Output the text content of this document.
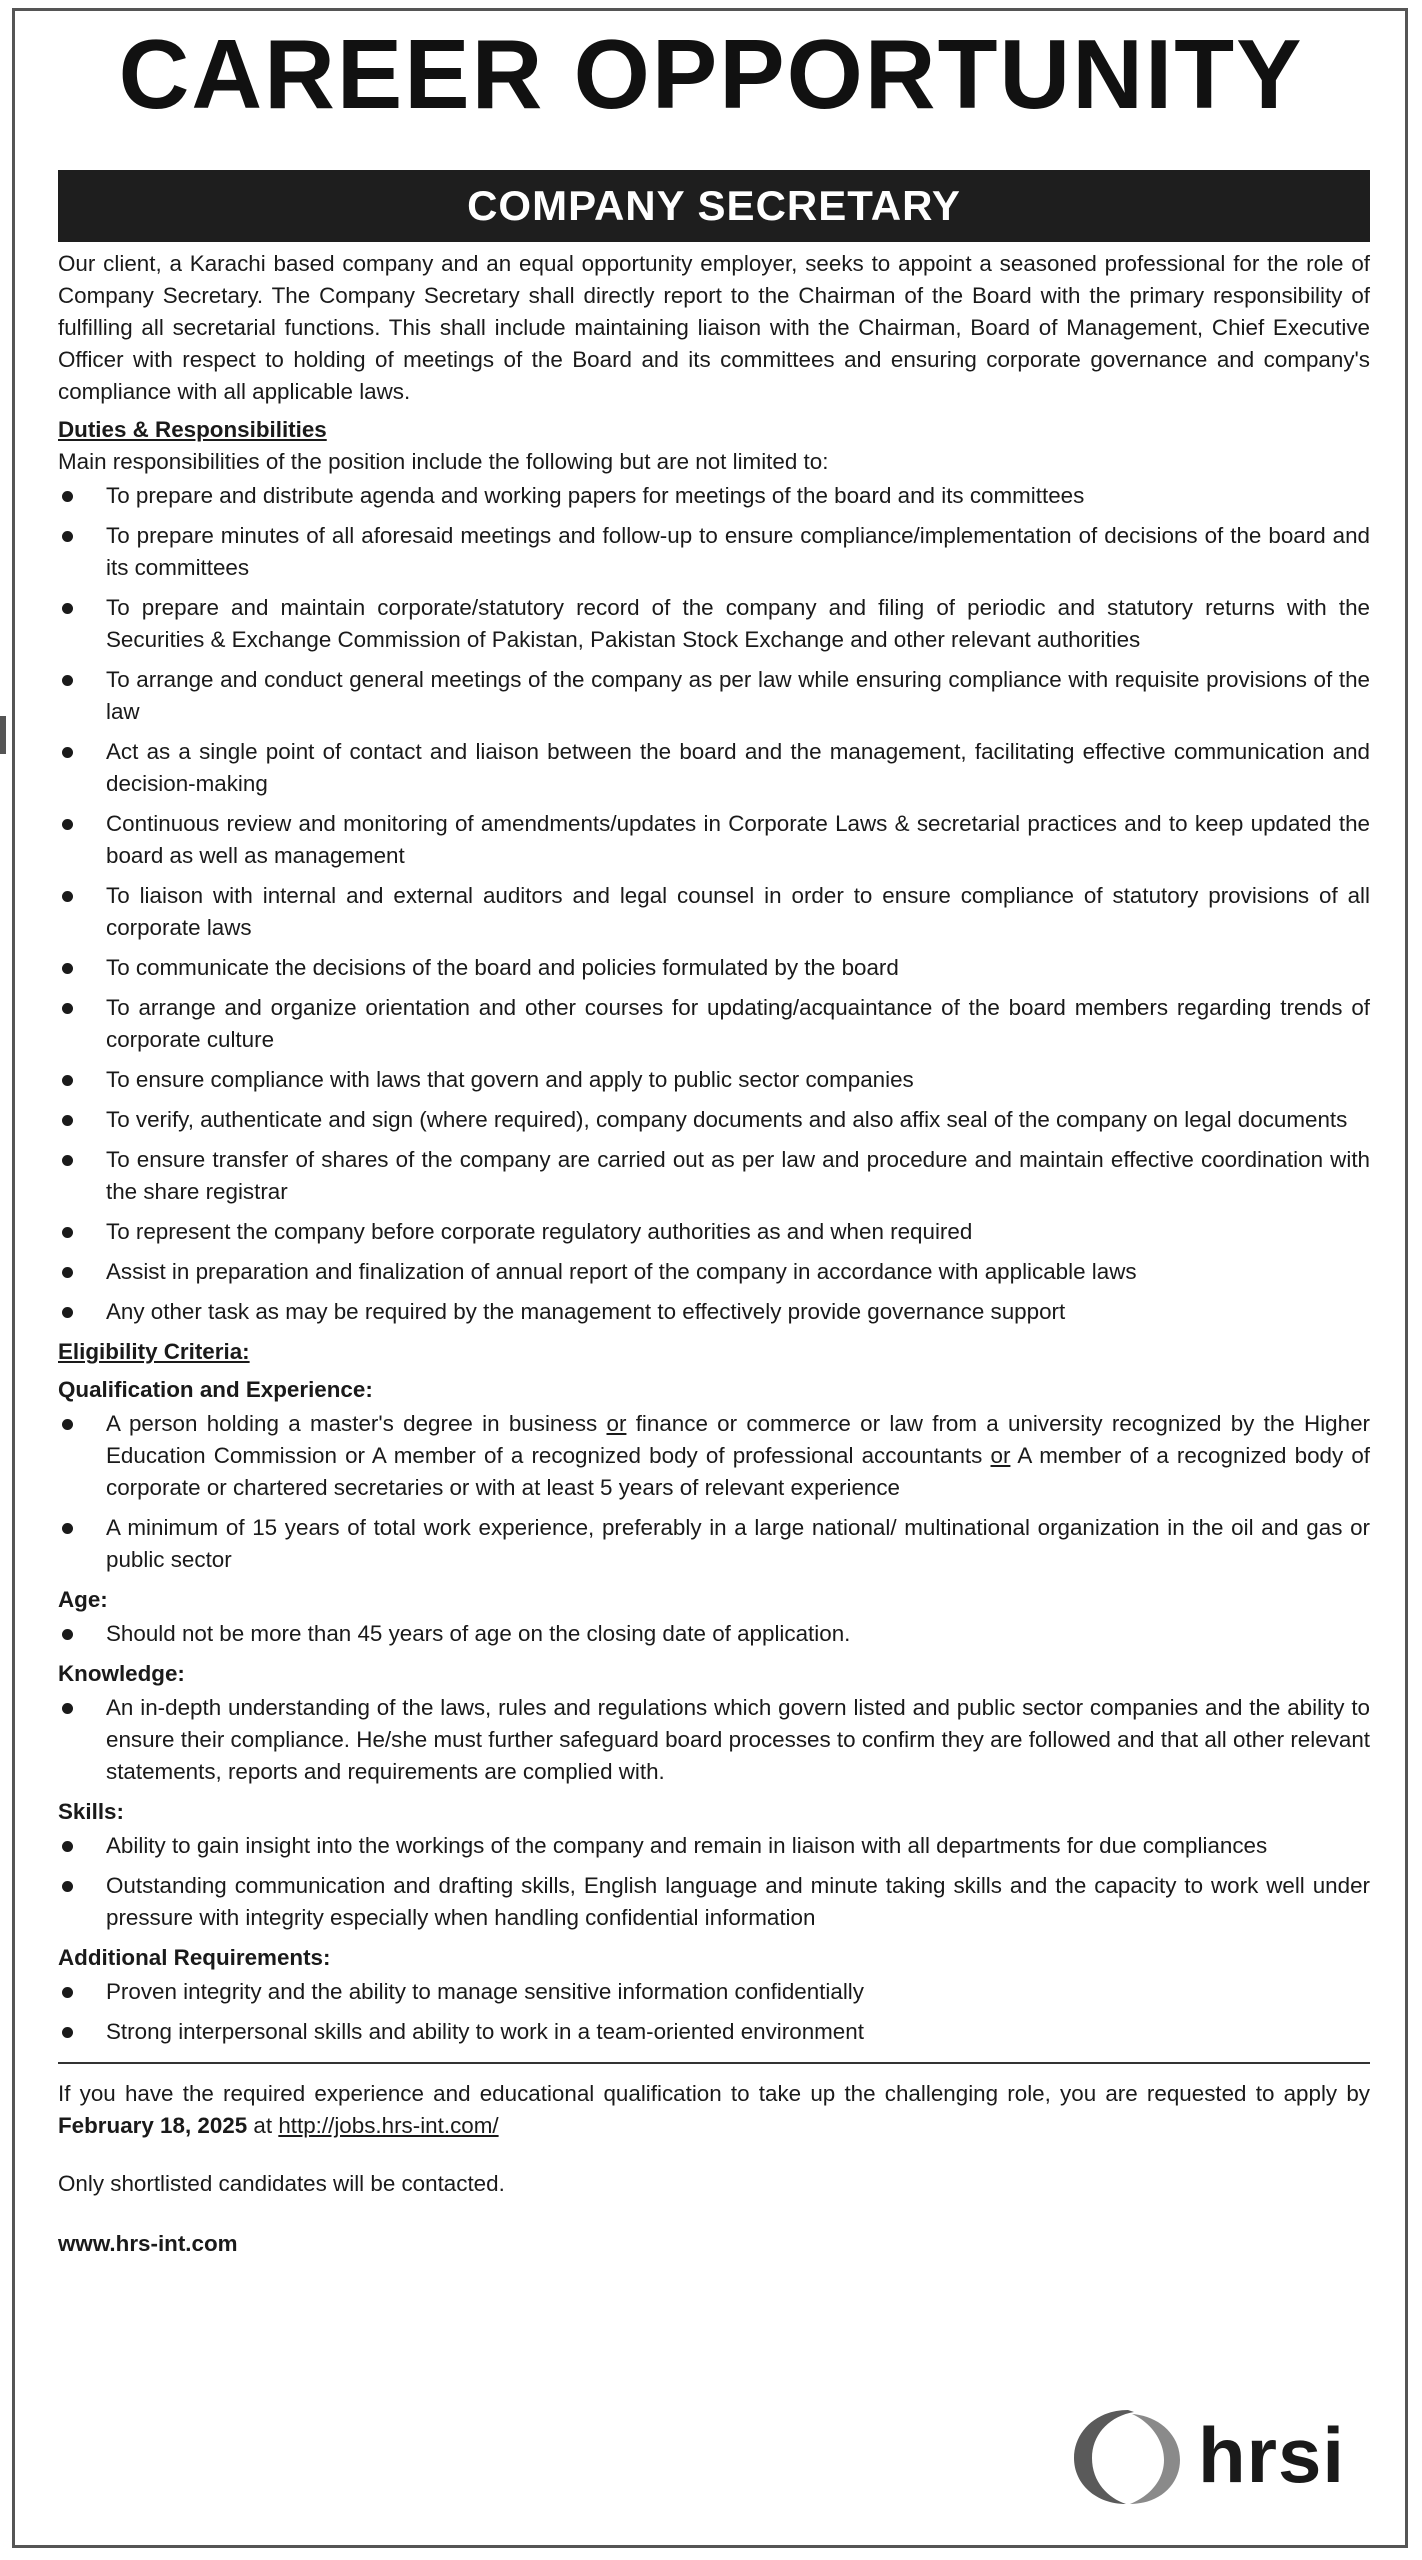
CAREER OPPORTUNITY
COMPANY SECRETARY

Our client, a Karachi based company and an equal opportunity employer, seeks to appoint a seasoned professional for the role of Company Secretary. The Company Secretary shall directly report to the Chairman of the Board with the primary responsibility of fulfilling all secretarial functions. This shall include maintaining liaison with the Chairman, Board of Management, Chief Executive Officer with respect to holding of meetings of the Board and its committees and ensuring corporate governance and company's compliance with all applicable laws.

Duties & Responsibilities
Main responsibilities of the position include the following but are not limited to:
To prepare and distribute agenda and working papers for meetings of the board and its committees
To prepare minutes of all aforesaid meetings and follow-up to ensure compliance/implementation of decisions of the board and its committees
To prepare and maintain corporate/statutory record of the company and filing of periodic and statutory returns with the Securities & Exchange Commission of Pakistan, Pakistan Stock Exchange and other relevant authorities
To arrange and conduct general meetings of the company as per law while ensuring compliance with requisite provisions of the law
Act as a single point of contact and liaison between the board and the management, facilitating effective communication and decision-making
Continuous review and monitoring of amendments/updates in Corporate Laws & secretarial practices and to keep updated the board as well as management
To liaison with internal and external auditors and legal counsel in order to ensure compliance of statutory provisions of all corporate laws
To communicate the decisions of the board and policies formulated by the board
To arrange and organize orientation and other courses for updating/acquaintance of the board members regarding trends of corporate culture
To ensure compliance with laws that govern and apply to public sector companies
To verify, authenticate and sign (where required), company documents and also affix seal of the company on legal documents
To ensure transfer of shares of the company are carried out as per law and procedure and maintain effective coordination with the share registrar
To represent the company before corporate regulatory authorities as and when required
Assist in preparation and finalization of annual report of the company in accordance with applicable laws
Any other task as may be required by the management to effectively provide governance support
Eligibility Criteria:
Qualification and Experience:
A person holding a master's degree in business or finance or commerce or law from a university recognized by the Higher Education Commission or A member of a recognized body of professional accountants or A member of a recognized body of corporate or chartered secretaries or with at least 5 years of relevant experience
A minimum of 15 years of total work experience, preferably in a large national/ multinational organization in the oil and gas or public sector
Age:
Should not be more than 45 years of age on the closing date of application.
Knowledge:
An in-depth understanding of the laws, rules and regulations which govern listed and public sector companies and the ability to ensure their compliance. He/she must further safeguard board processes to confirm they are followed and that all other relevant statements, reports and requirements are complied with.
Skills:
Ability to gain insight into the workings of the company and remain in liaison with all departments for due compliances
Outstanding communication and drafting skills, English language and minute taking skills and the capacity to work well under pressure with integrity especially when handling confidential information
Additional Requirements:
Proven integrity and the ability to manage sensitive information confidentially
Strong interpersonal skills and ability to work in a team-oriented environment
If you have the required experience and educational qualification to take up the challenging role, you are requested to apply by February 18, 2025 at http://jobs.hrs-int.com/
Only shortlisted candidates will be contacted.
www.hrs-int.com
hrsi
